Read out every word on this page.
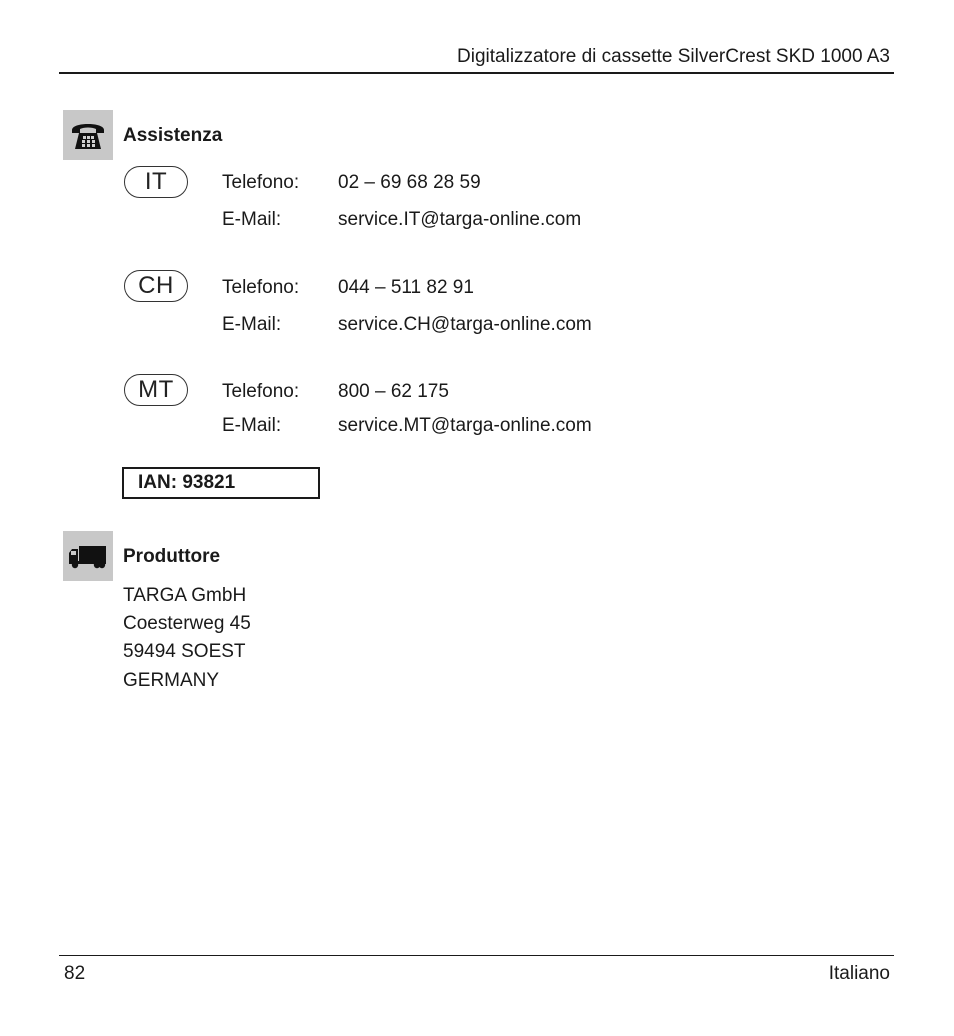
Digitalizzatore di cassette SilverCrest SKD 1000 A3
Assistenza
IT	Telefono: 02 – 69 68 28 59
E-Mail:	service.IT@targa-online.com
CH	Telefono: 044 – 511 82 91
E-Mail:	service.CH@targa-online.com
MT	Telefono: 800 – 62 175
E-Mail:	service.MT@targa-online.com
IAN: 93821
Produttore
TARGA GmbH
Coesterweg 45
59494 SOEST
GERMANY
82	Italiano
